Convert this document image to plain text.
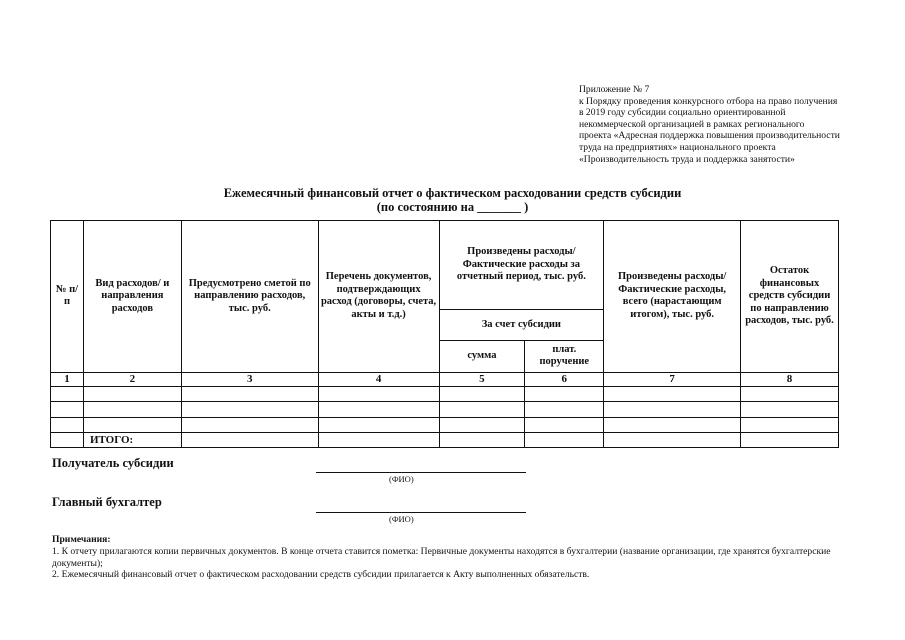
Приложение № 7
к Порядку проведения конкурсного отбора на право получения
в 2019 году субсидии социально ориентированной
некоммерческой организацией в рамках регионального
проекта «Адресная поддержка повышения производительности
труда на предприятиях» национального проекта
«Производительность труда и поддержка занятости»
Ежемесячный финансовый отчет о фактическом расходовании средств субсидии
(по состоянию на _______ )
№ п/п	Вид расходов/ и направления расходов	Предусмотрено сметой по направлению расходов, тыс. руб.	Перечень документов, подтверждающих расход (договоры, счета, акты и т.д.)	Произведены расходы/Фактические расходы за отчетный период, тыс. руб.		Произведены расходы/Фактические расходы, всего (нарастающим итогом), тыс. руб.	Остаток финансовых средств субсидии по направлению расходов, тыс. руб.
				За счет субсидии			
				сумма	плат. поручение		
1	2	3	4	5	6	7	8

	ИТОГО:						
Получатель субсидии
(ФИО)
Главный бухгалтер
(ФИО)
Примечания:
1. К отчету прилагаются копии первичных документов. В конце отчета ставится пометка: Первичные документы находятся в бухгалтерии (название организации, где хранятся бухгалтерские документы);
2. Ежемесячный финансовый отчет о фактическом расходовании средств субсидии прилагается к Акту выполненных обязательств.
